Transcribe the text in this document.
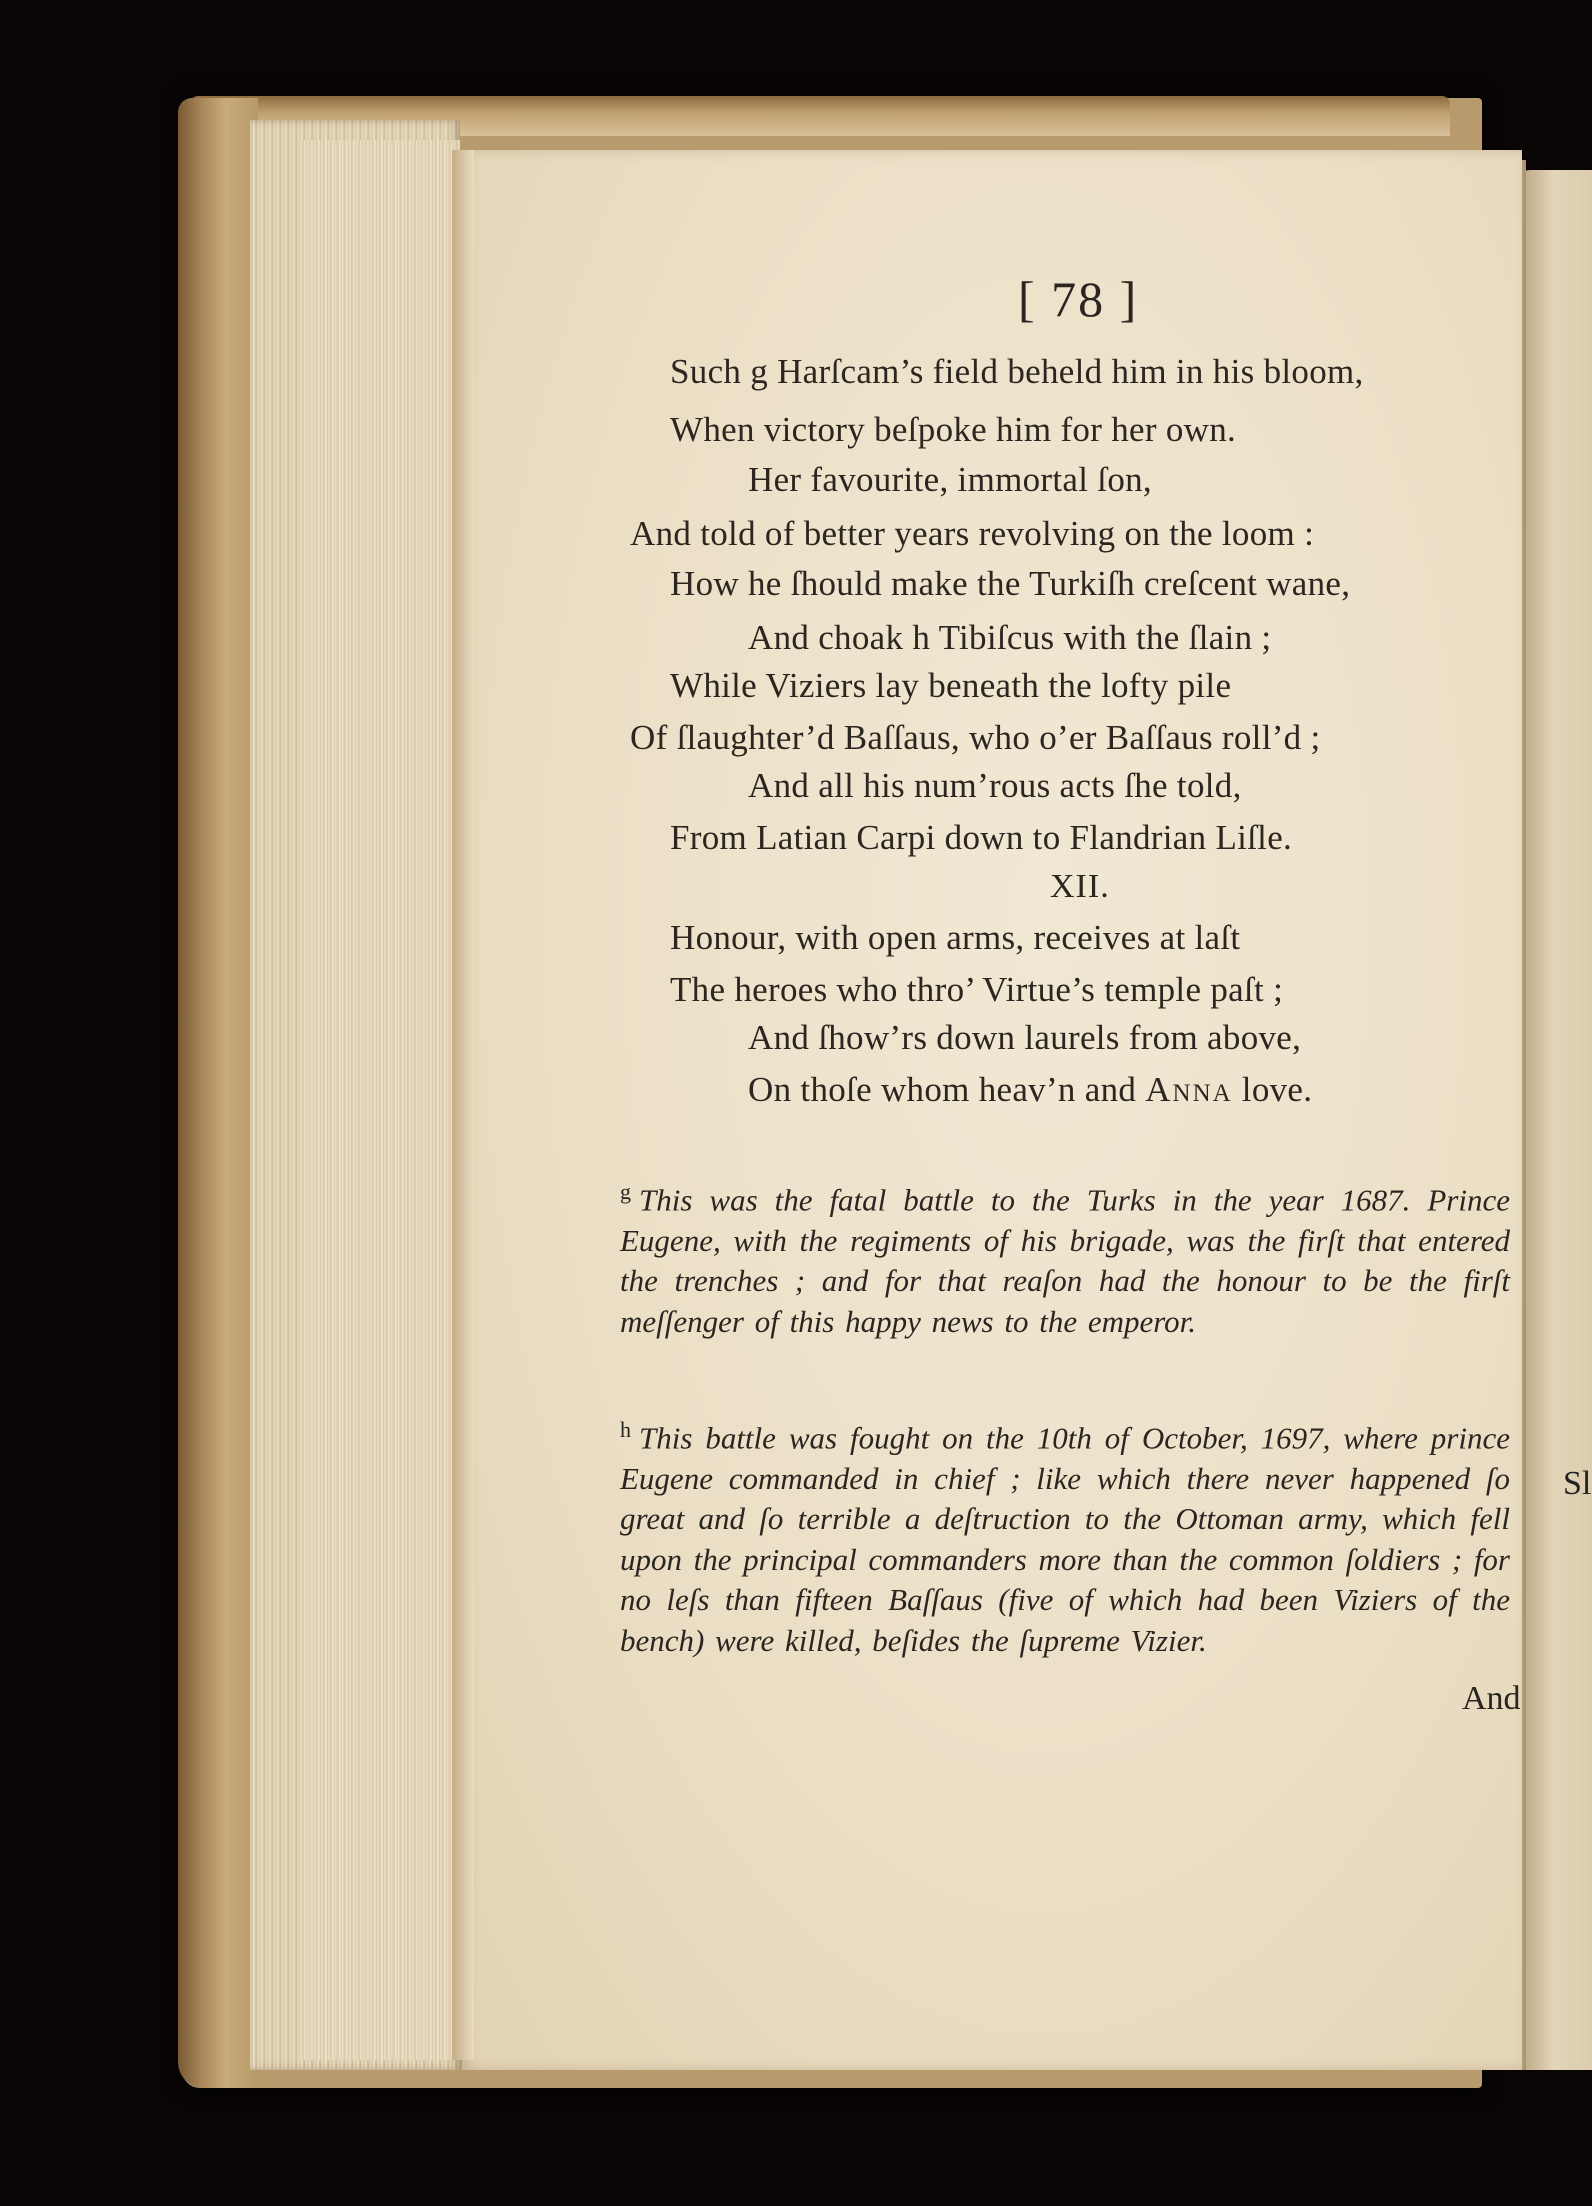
Sl
[ 78 ]
Such g Harſcam’s field beheld him in his bloom,
When victory beſpoke him for her own.
Her favourite, immortal ſon,
And told of better years revolving on the loom :
How he ſhould make the Turkiſh creſcent wane,
And choak h Tibiſcus with the ſlain ;
While Viziers lay beneath the lofty pile
Of ſlaughter’d Baſſaus, who o’er Baſſaus roll’d ;
And all his num’rous acts ſhe told,
From Latian Carpi down to Flandrian Liſle.
XII.
Honour, with open arms, receives at laſt
The heroes who thro’ Virtue’s temple paſt ;
And ſhow’rs down laurels from above,
On thoſe whom heav’n and Anna love.
$^g$ This was the fatal battle to the Turks in the year 1687. Prince Eugene, with the regiments of his brigade, was the firſt that entered the trenches ; and for that reaſon had the honour to be the firſt meſſenger of this happy news to the emperor.
$^h$ This battle was fought on the 10th of October, 1697, where prince Eugene commanded in chief ; like which there never happened ſo great and ſo terrible a deſtruction to the Ottoman army, which fell upon the principal commanders more than the common ſoldiers ; for no leſs than fifteen Baſſaus (five of which had been Viziers of the bench) were killed, beſides the ſupreme Vizier.
And
